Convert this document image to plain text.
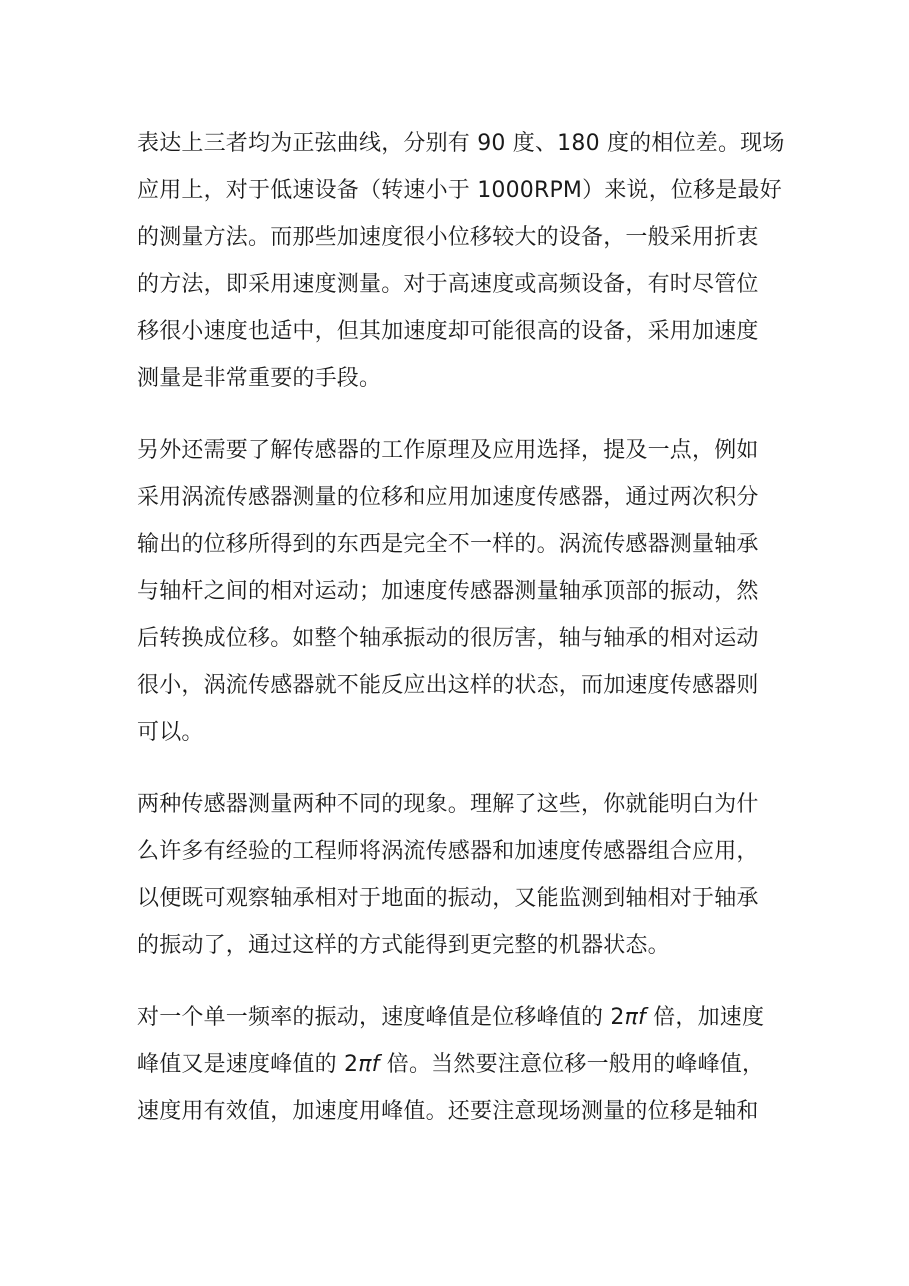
表达上三者均为正弦曲线，分别有 90 度、180 度的相位差。现场
应用上，对于低速设备（转速小于 1000RPM）来说，位移是最好
的测量方法。而那些加速度很小位移较大的设备，一般采用折衷
的方法，即采用速度测量。对于高速度或高频设备，有时尽管位
移很小速度也适中，但其加速度却可能很高的设备，采用加速度
测量是非常重要的手段。
另外还需要了解传感器的工作原理及应用选择，提及一点，例如
采用涡流传感器测量的位移和应用加速度传感器，通过两次积分
输出的位移所得到的东西是完全不一样的。涡流传感器测量轴承
与轴杆之间的相对运动；加速度传感器测量轴承顶部的振动，然
后转换成位移。如整个轴承振动的很厉害，轴与轴承的相对运动
很小，涡流传感器就不能反应出这样的状态，而加速度传感器则
可以。
两种传感器测量两种不同的现象。理解了这些，你就能明白为什
么许多有经验的工程师将涡流传感器和加速度传感器组合应用，
以便既可观察轴承相对于地面的振动，又能监测到轴相对于轴承
的振动了，通过这样的方式能得到更完整的机器状态。
对一个单一频率的振动，速度峰值是位移峰值的 2πf 倍，加速度
峰值又是速度峰值的 2πf 倍。当然要注意位移一般用的峰峰值，
速度用有效值，加速度用峰值。还要注意现场测量的位移是轴和
